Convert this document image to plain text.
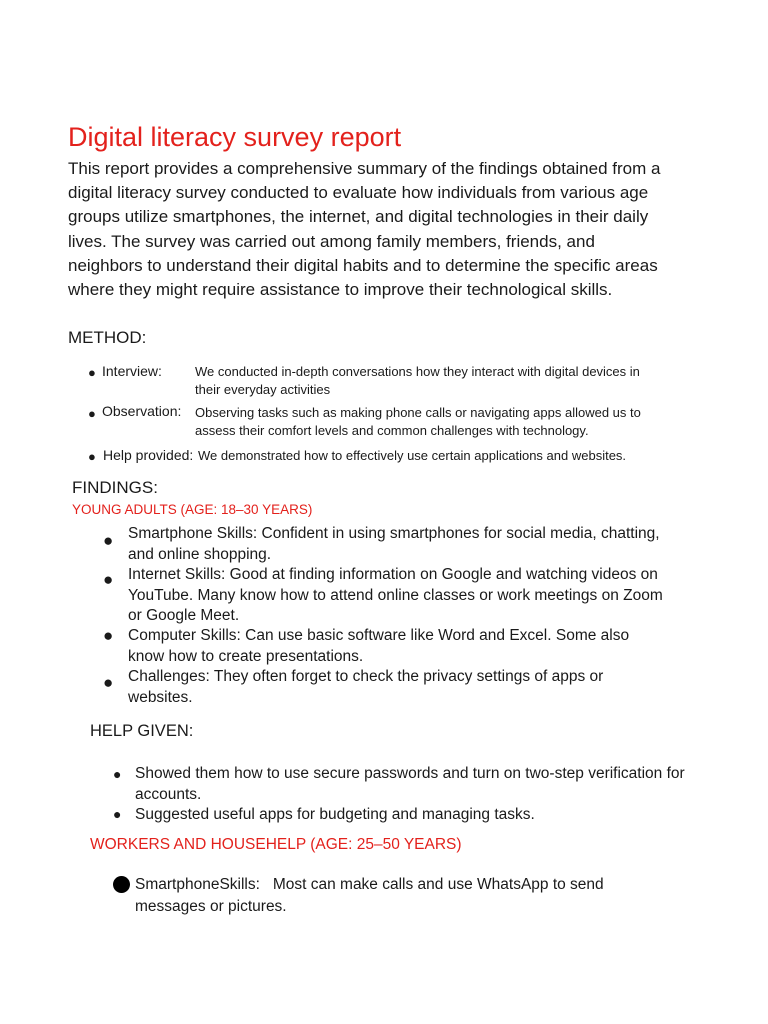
Digital literacy survey report
This report provides a comprehensive summary of the findings obtained from a digital literacy survey conducted to evaluate how individuals from various age groups utilize smartphones, the internet, and digital technologies in their daily lives. The survey was carried out among family members, friends, and neighbors to understand their digital habits and to determine the specific areas where they might require assistance to improve their technological skills.
METHOD:
● Interview:	We conducted in-depth conversations how they interact with digital devices in their everyday activities
● Observation: Observing tasks such as making phone calls or navigating apps allowed us to assess their comfort levels and common challenges with technology.
● Help provided: We demonstrated how to effectively use certain applications and websites.
FINDINGS:
YOUNG ADULTS (AGE: 18–30 YEARS)
● Smartphone Skills: Confident in using smartphones for social media, chatting, and online shopping.
● Internet Skills: Good at finding information on Google and watching videos on YouTube. Many know how to attend online classes or work meetings on Zoom or Google Meet.
● Computer Skills: Can use basic software like Word and Excel. Some also know how to create presentations.
● Challenges: They often forget to check the privacy settings of apps or websites.
HELP GIVEN:
● Showed them how to use secure passwords and turn on two-step verification for accounts.
● Suggested useful apps for budgeting and managing tasks.
WORKERS AND HOUSEHELP (AGE: 25–50 YEARS)
SmartphoneSkills:   Most can make calls and use WhatsApp to send messages or pictures.
